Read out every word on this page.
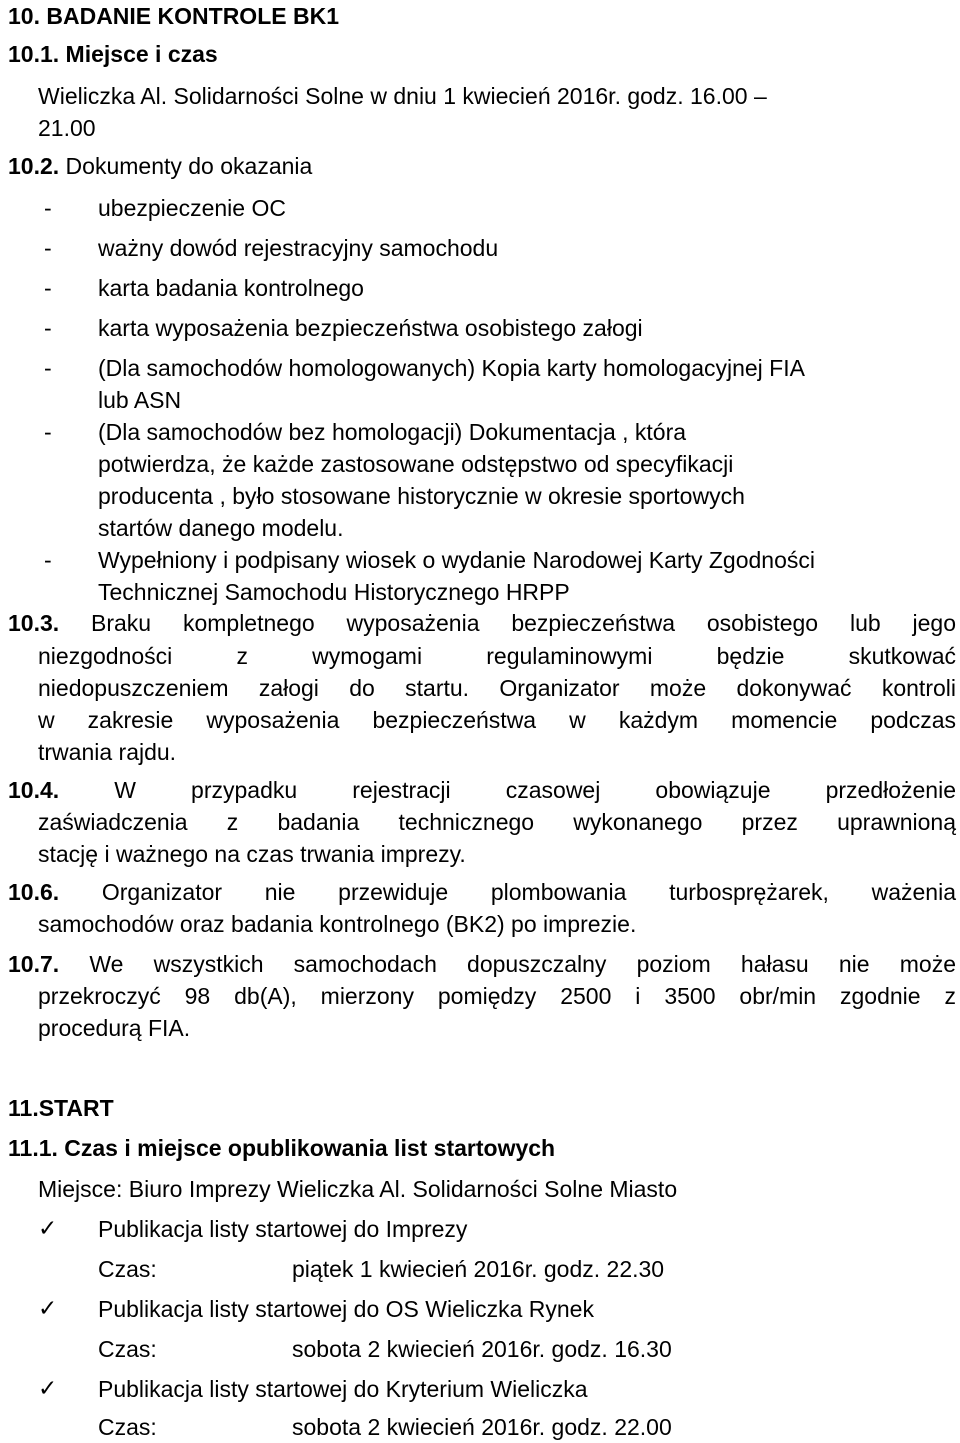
10. BADANIE KONTROLE BK1
10.1. Miejsce i czas
Wieliczka Al. Solidarności Solne w dniu 1 kwiecień 2016r. godz. 16.00 –
21.00
10.2. Dokumenty do okazania
- ubezpieczenie OC
- ważny dowód rejestracyjny samochodu
- karta badania kontrolnego
- karta wyposażenia bezpieczeństwa osobistego załogi
- (Dla samochodów homologowanych) Kopia karty homologacyjnej FIA
lub ASN
- (Dla samochodów bez homologacji) Dokumentacja , która
potwierdza, że każde zastosowane odstępstwo od specyfikacji
producenta , było stosowane historycznie w okresie sportowych
startów danego modelu.
- Wypełniony i podpisany wiosek o wydanie Narodowej Karty Zgodności
Technicznej Samochodu Historycznego HRPP
10.3. Braku kompletnego wyposażenia bezpieczeństwa osobistego lub jego
niezgodności z wymogami regulaminowymi będzie skutkować
niedopuszczeniem załogi do startu. Organizator może dokonywać kontroli
w zakresie wyposażenia bezpieczeństwa w każdym momencie podczas
trwania rajdu.
10.4. W przypadku rejestracji czasowej obowiązuje przedłożenie
zaświadczenia z badania technicznego wykonanego przez uprawnioną
stację i ważnego na czas trwania imprezy.
10.6. Organizator nie przewiduje plombowania turbosprężarek, ważenia
samochodów oraz badania kontrolnego (BK2) po imprezie.
10.7. We wszystkich samochodach dopuszczalny poziom hałasu nie może
przekroczyć 98 db(A), mierzony pomiędzy 2500 i 3500 obr/min zgodnie z
procedurą FIA.
11.START
11.1. Czas i miejsce opublikowania list startowych
Miejsce: Biuro Imprezy Wieliczka Al. Solidarności Solne Miasto
✓ Publikacja listy startowej do Imprezy
Czas:	piątek 1 kwiecień 2016r. godz. 22.30
✓ Publikacja listy startowej do OS Wieliczka Rynek
Czas:	sobota 2 kwiecień 2016r. godz. 16.30
✓ Publikacja listy startowej do Kryterium Wieliczka
Czas:	sobota 2 kwiecień 2016r. godz. 22.00
